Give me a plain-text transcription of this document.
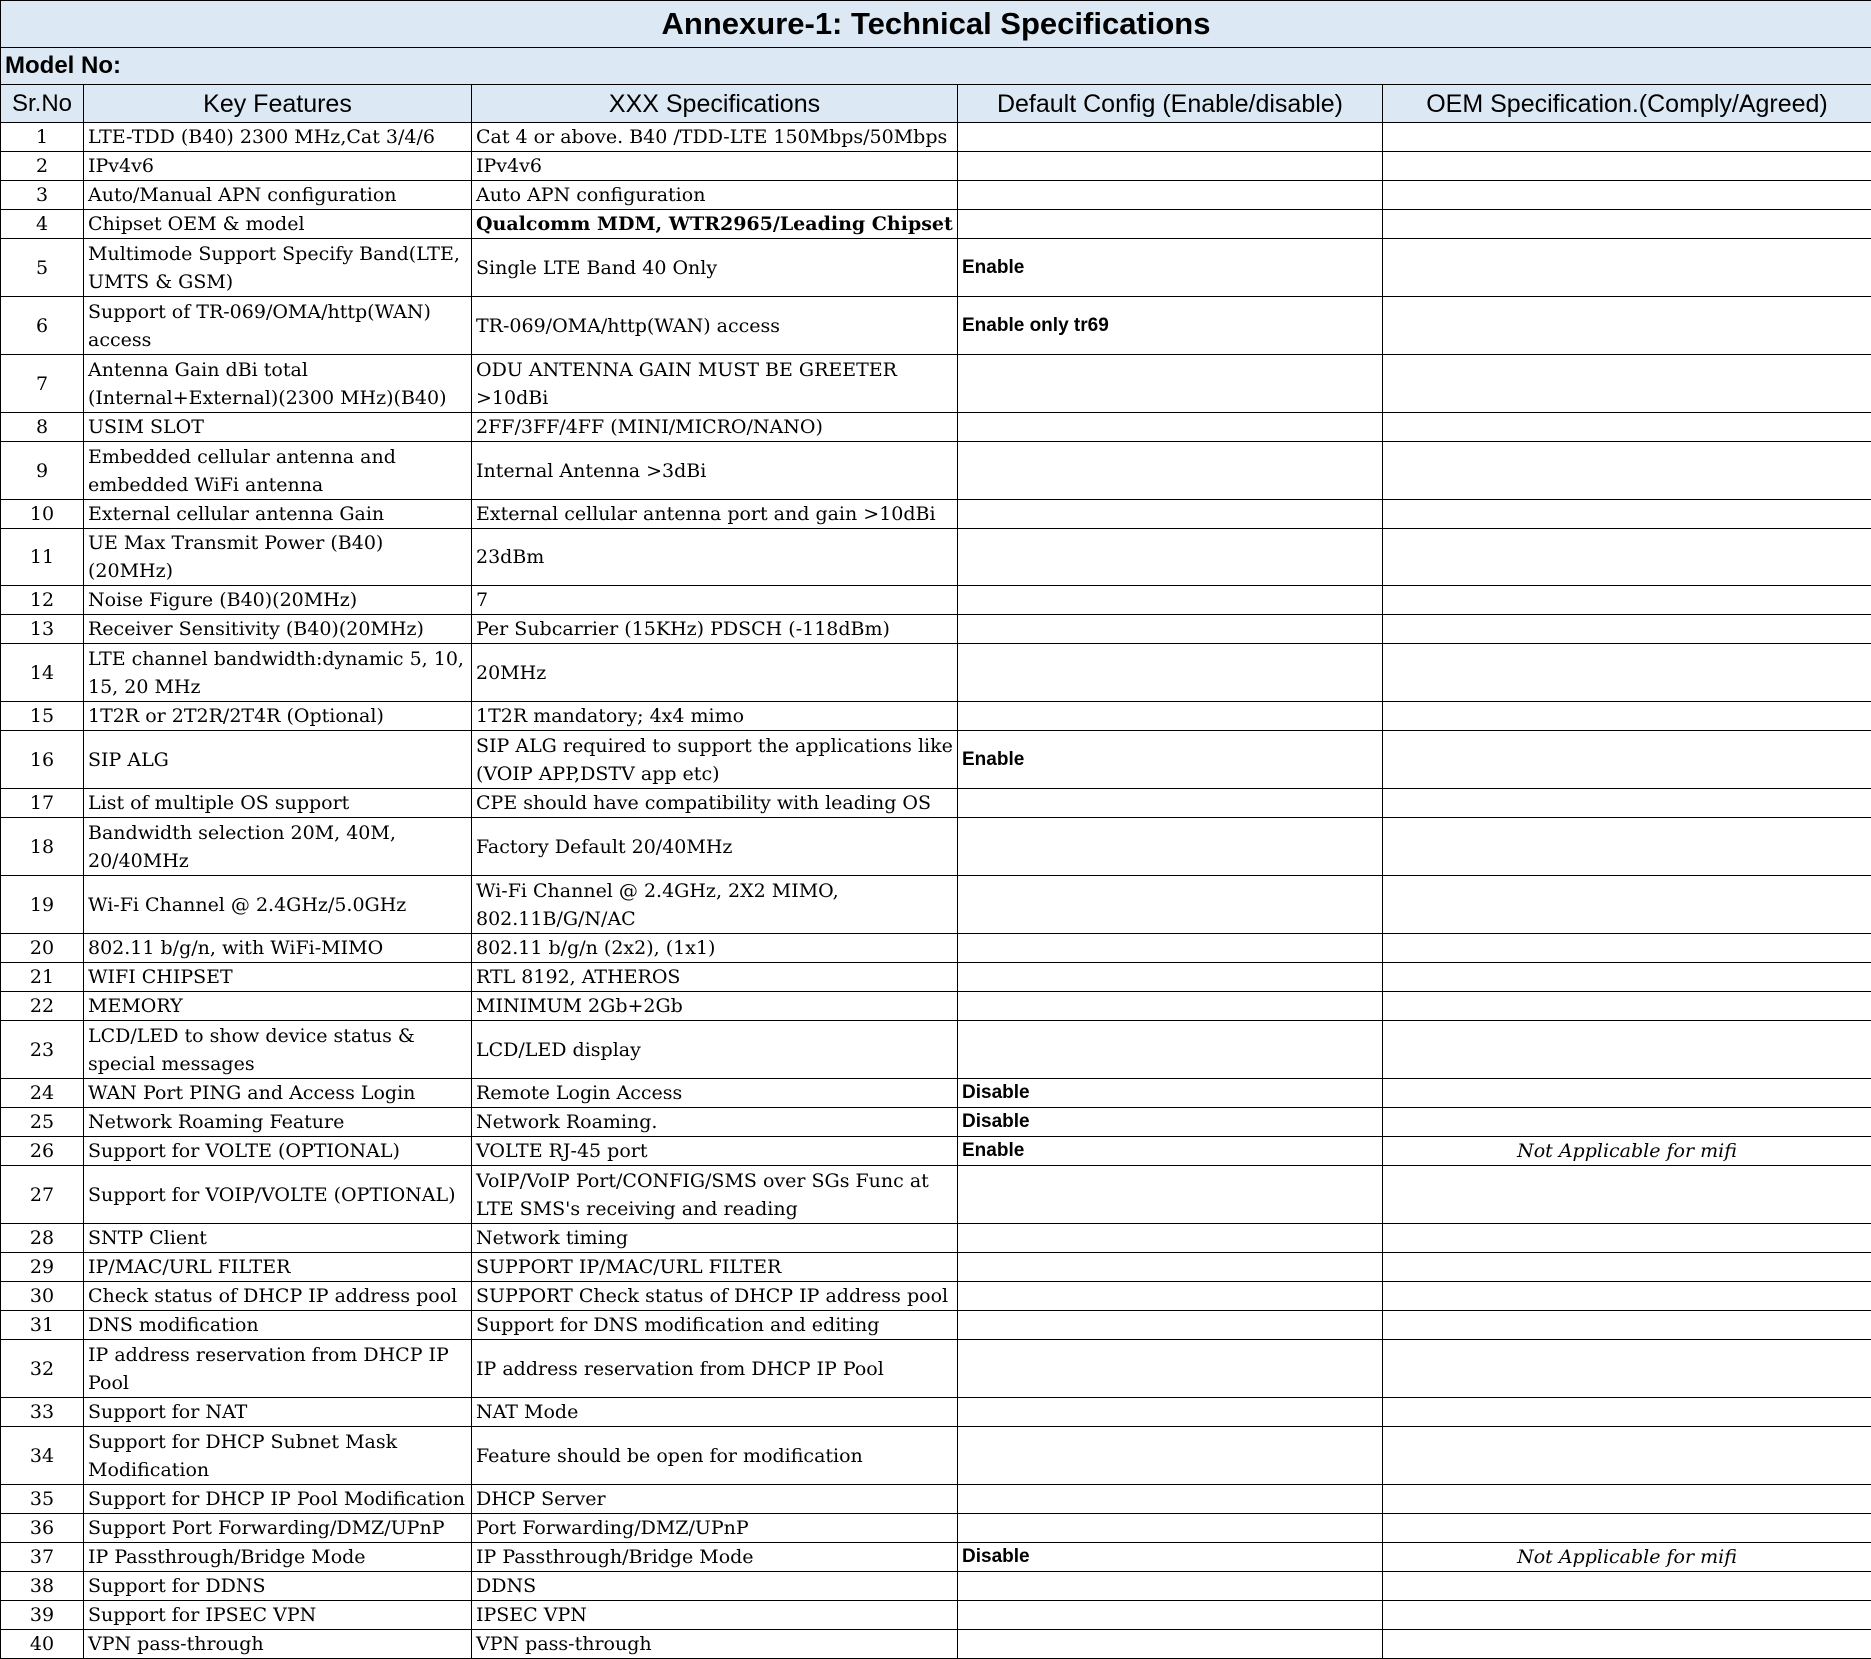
Annexure-1: Technical Specifications				
Model No:				
Sr.No	Key Features	XXX Specifications	Default Config (Enable/disable)	OEM Specification.(Comply/Agreed)
1	LTE-TDD (B40) 2300 MHz,Cat 3/4/6	Cat 4 or above. B40 /TDD-LTE 150Mbps/50Mbps		
2	IPv4v6	IPv4v6		
3	Auto/Manual APN configuration	Auto APN configuration		
4	Chipset OEM & model	Qualcomm MDM, WTR2965/Leading Chipset		
5	Multimode Support Specify Band(LTE, UMTS & GSM)	Single LTE Band 40 Only	Enable	
6	Support of TR-069/OMA/http(WAN) access	TR-069/OMA/http(WAN) access	Enable only tr69	
7	Antenna Gain dBi total (Internal+External)(2300 MHz)(B40)	ODU ANTENNA GAIN MUST BE GREETER >10dBi		
8	USIM SLOT	2FF/3FF/4FF (MINI/MICRO/NANO)		
9	Embedded cellular antenna and embedded WiFi antenna	Internal Antenna >3dBi		
10	External cellular antenna Gain	External cellular antenna port and gain >10dBi		
11	UE Max Transmit Power (B40)(20MHz)	23dBm		
12	Noise Figure (B40)(20MHz)	7		
13	Receiver Sensitivity (B40)(20MHz)	Per Subcarrier (15KHz) PDSCH (-118dBm)		
14	LTE channel bandwidth:dynamic 5, 10, 15, 20 MHz	20MHz		
15	1T2R or 2T2R/2T4R (Optional)	1T2R mandatory; 4x4 mimo		
16	SIP ALG	SIP ALG required to support the applications like (VOIP APP,DSTV app etc)	Enable	
17	List of multiple OS support	CPE should have compatibility with leading OS		
18	Bandwidth selection 20M, 40M, 20/40MHz	Factory Default 20/40MHz		
19	Wi-Fi Channel @ 2.4GHz/5.0GHz	Wi-Fi Channel @ 2.4GHz, 2X2 MIMO, 802.11B/G/N/AC		
20	802.11 b/g/n, with WiFi-MIMO	802.11 b/g/n (2x2), (1x1)		
21	WIFI CHIPSET	RTL 8192, ATHEROS		
22	MEMORY	MINIMUM 2Gb+2Gb		
23	LCD/LED to show device status & special messages	LCD/LED display		
24	WAN Port PING and Access Login	Remote Login Access	Disable	
25	Network Roaming Feature	Network Roaming.	Disable	
26	Support for VOLTE (OPTIONAL)	VOLTE RJ-45 port	Enable	Not Applicable for mifi
27	Support for VOIP/VOLTE (OPTIONAL)	VoIP/VoIP Port/CONFIG/SMS over SGs Func at LTE SMS's receiving and reading		
28	SNTP Client	Network timing		
29	IP/MAC/URL FILTER	SUPPORT IP/MAC/URL FILTER		
30	Check status of DHCP IP address pool	SUPPORT Check status of DHCP IP address pool		
31	DNS modification	Support for DNS modification and editing		
32	IP address reservation from DHCP IP Pool	IP address reservation from DHCP IP Pool		
33	Support for NAT	NAT Mode		
34	Support for DHCP Subnet Mask Modification	Feature should be open for modification		
35	Support for DHCP IP Pool Modification	DHCP Server		
36	Support Port Forwarding/DMZ/UPnP	Port Forwarding/DMZ/UPnP		
37	IP Passthrough/Bridge Mode	IP Passthrough/Bridge Mode	Disable	Not Applicable for mifi
38	Support for DDNS	DDNS		
39	Support for IPSEC VPN	IPSEC VPN		
40	VPN pass-through	VPN pass-through		
